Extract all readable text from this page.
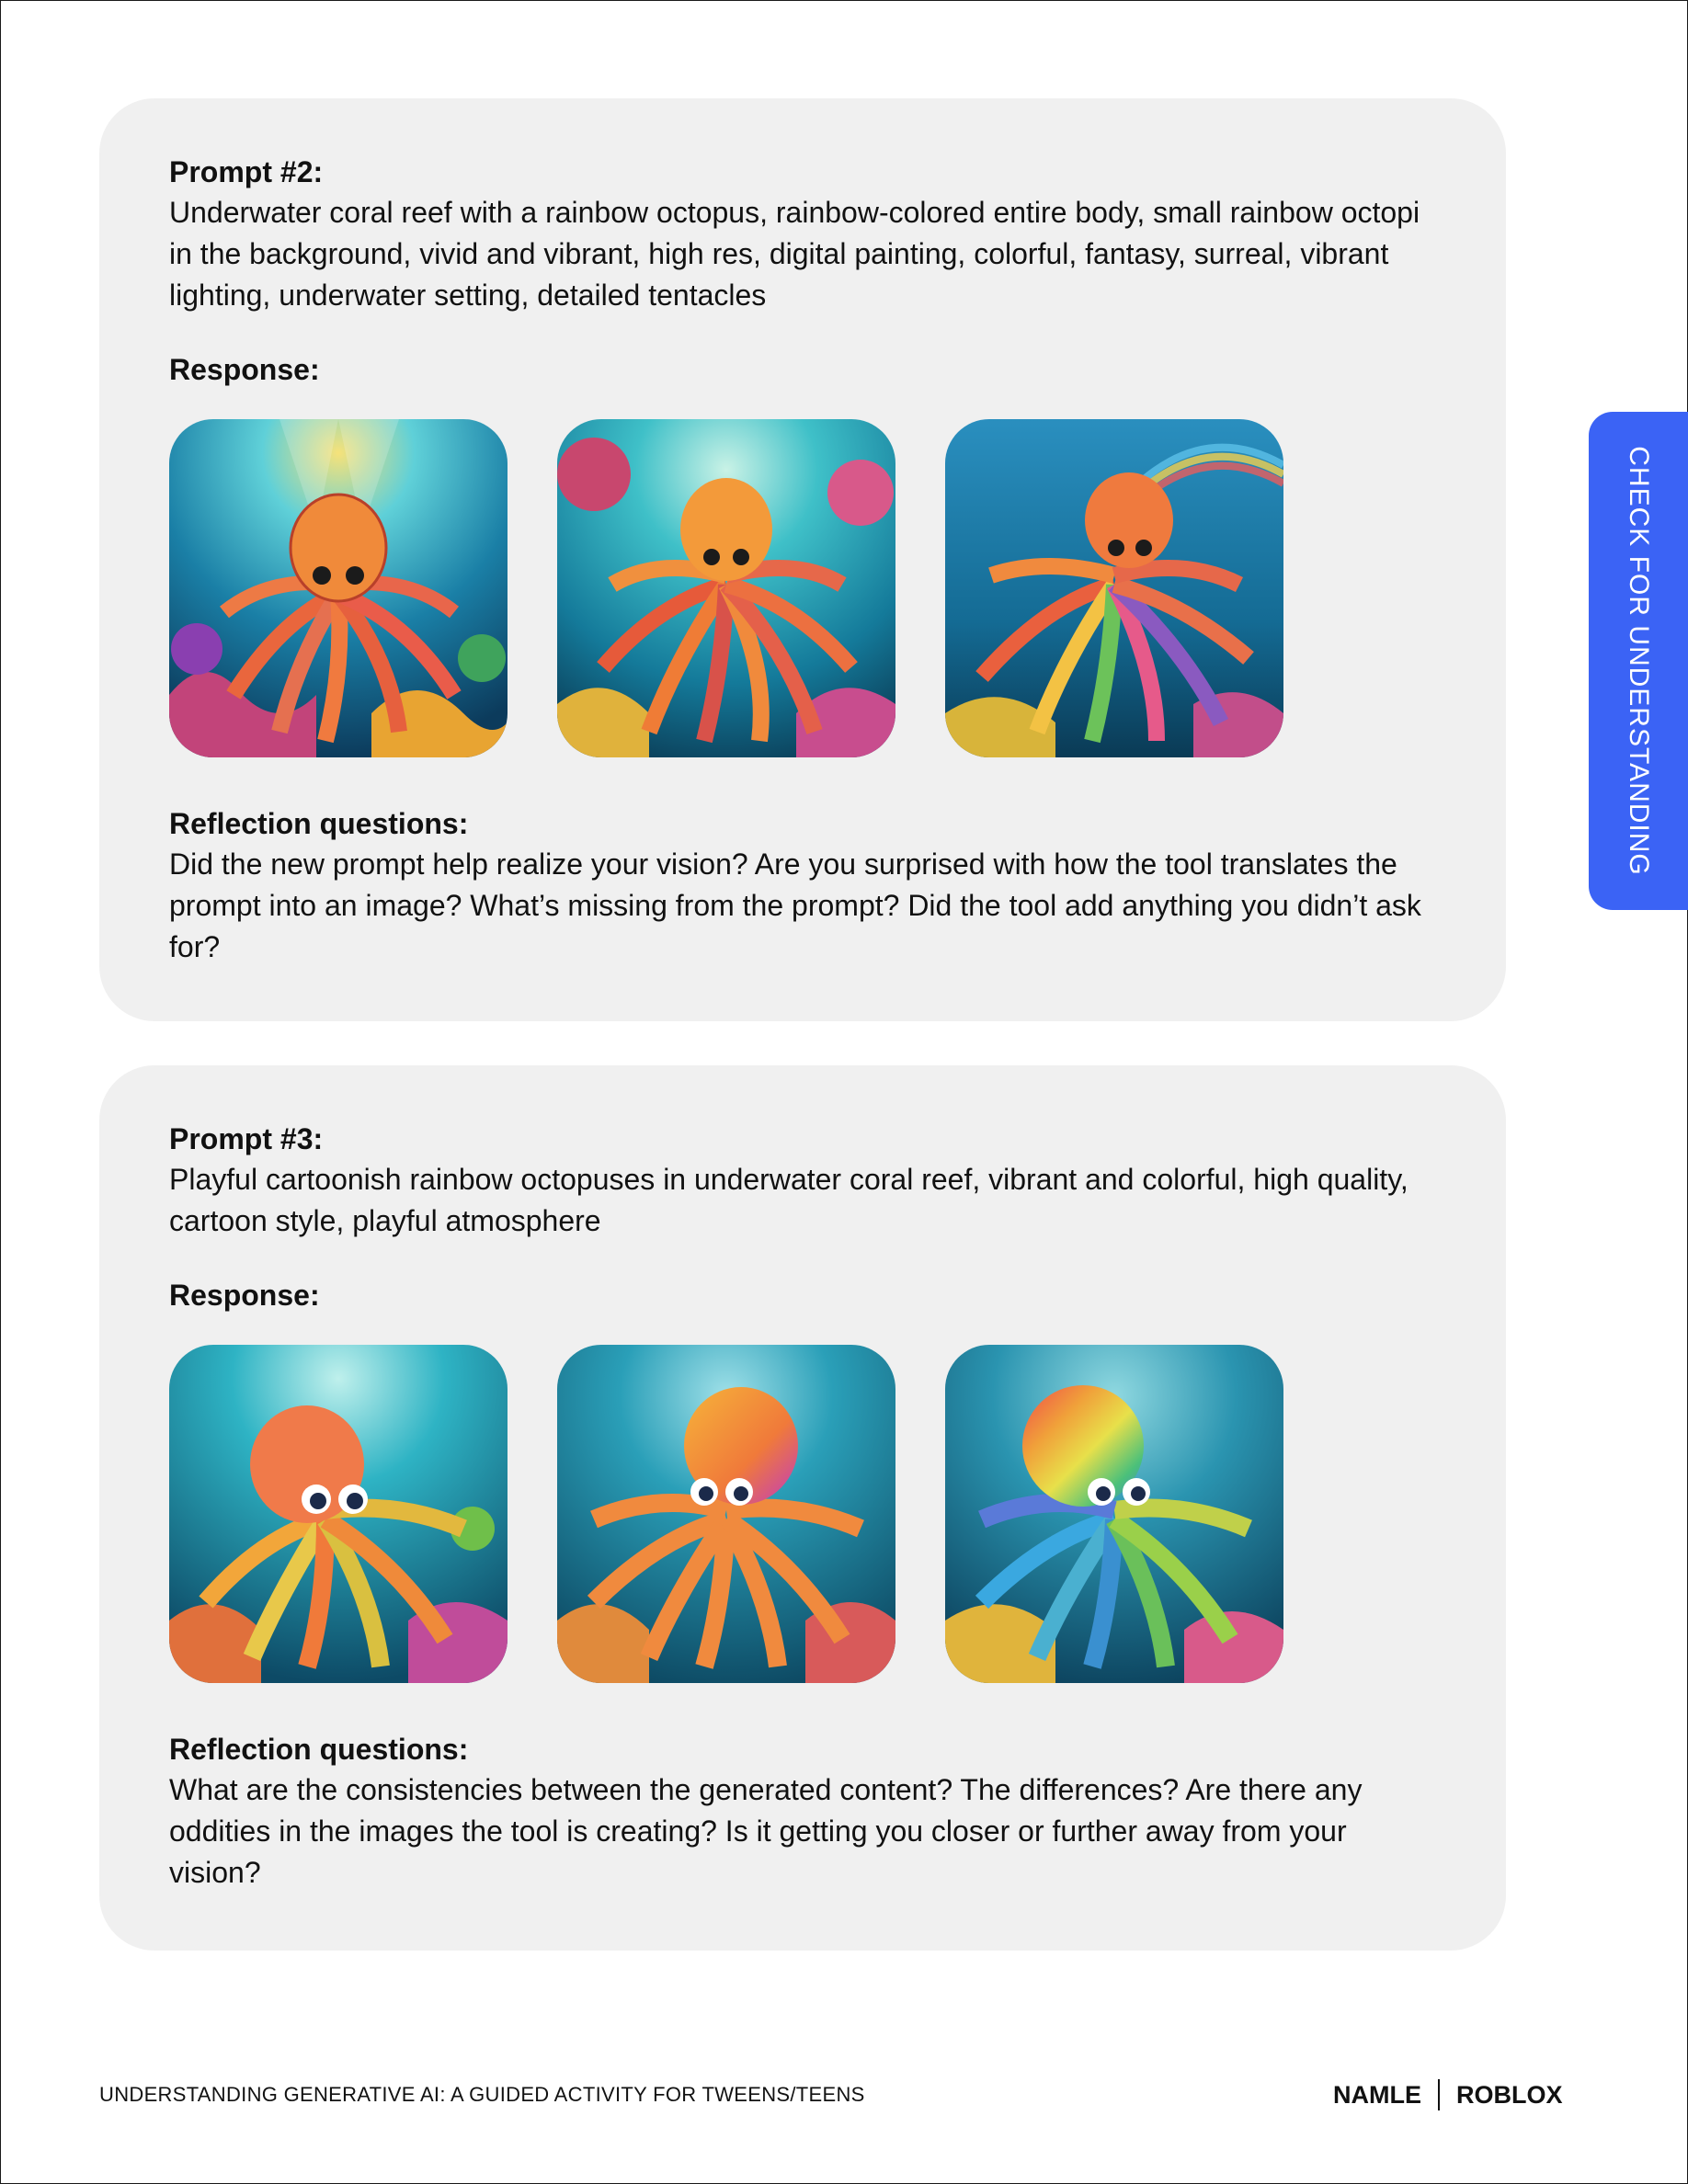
Prompt #2:

Underwater coral reef with a rainbow octopus, rainbow-colored entire body, small rainbow octopi in the background, vivid and vibrant, high res, digital painting, colorful, fantasy, surreal, vibrant lighting, underwater setting, detailed tentacles

Response:

Reflection questions:

Did the new prompt help realize your vision? Are you surprised with how the tool translates the prompt into an image? What’s missing from the prompt? Did the tool add anything you didn’t ask for?

Prompt #3:

Playful cartoonish rainbow octopuses in underwater coral reef, vibrant and colorful, high quality, cartoon style, playful atmosphere

Response:

Reflection questions:

What are the consistencies between the generated content? The differences? Are there any oddities in the images the tool is creating? Is it getting you closer or further away from your vision?

CHECK FOR UNDERSTANDING
UNDERSTANDING GENERATIVE AI: A GUIDED ACTIVITY FOR TWEENS/TEENS	NAMLE ROBLOX
